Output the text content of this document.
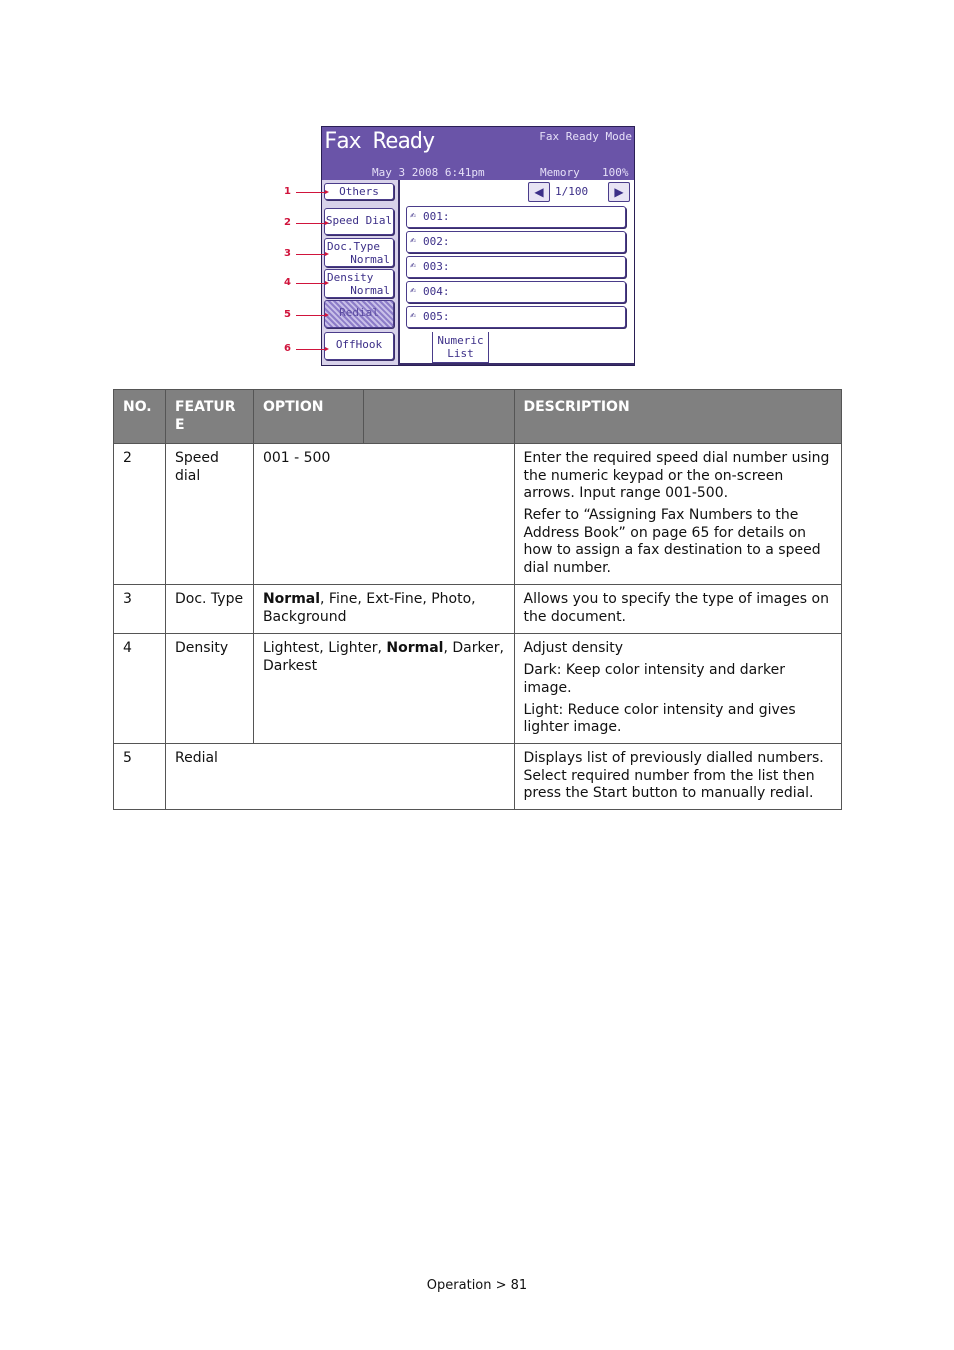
Fax Ready	Fax Ready Mode
May 3 2008 6:41pm	Memory 100%
Others
Speed Dial
Doc.Type
Normal
Density
Normal
Redial
OffHook
◀	1/100	▶
✍ 001:
✍ 002:
✍ 003:
✍ 004:
✍ 005:
Numeric
List
1
2
3
4
5
6
NO.	FEATUR E	OPTION		DESCRIPTION
2	Speed dial	001 - 500		Enter the required speed dial number using the numeric keypad or the on-screen arrows. Input range 001-500.

Refer to “Assigning Fax Numbers to the Address Book” on page 65 for details on how to assign a fax destination to a speed dial number.

3	Doc. Type	Normal, Fine, Ext-Fine, Photo, Background		Allows you to specify the type of images on the document.

4	Density	Lightest, Lighter, Normal, Darker, Darkest		Adjust density

Dark: Keep color intensity and darker image.

Light: Reduce color intensity and gives lighter image.

5	Redial			Displays list of previously dialled numbers. Select required number from the list then press the Start button to manually redial.

Operation > 81
